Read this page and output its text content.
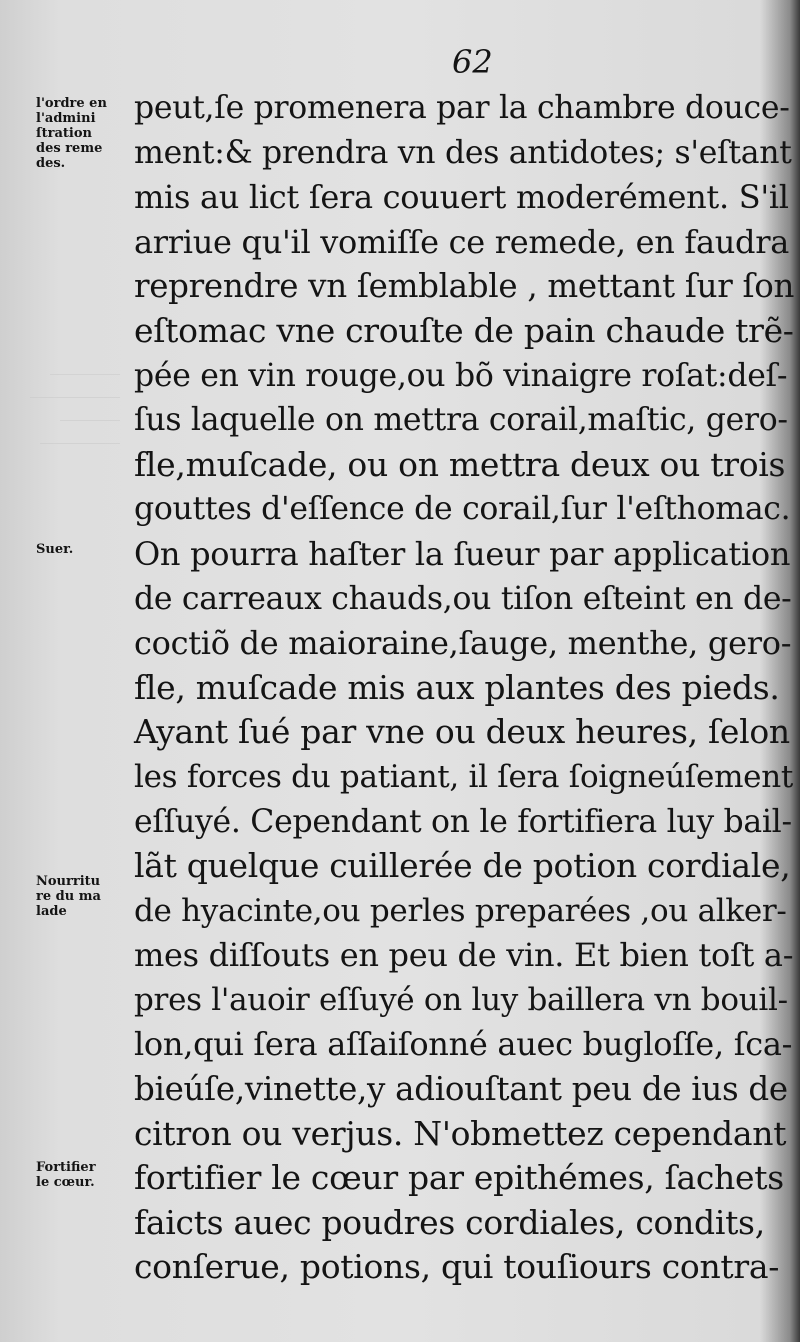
62
peut,ſe promenera par la chambre douce-
ment:& prendra vn des antidotes; s'eſtant
mis au lict ſera couuert moderément. S'il
arriue qu'il vomiſſe ce remede, en faudra
reprendre vn ſemblable , mettant ſur ſon
eſtomac vne crouſte de pain chaude trẽ-
pée en vin rouge,ou bõ vinaigre roſat:deſ-
ſus laquelle on mettra corail,maſtic, gero-
fle,muſcade, ou on mettra deux ou trois
gouttes d'eſſence de corail,ſur l'eſthomac.
On pourra haſter la ſueur par application
de carreaux chauds,ou tiſon eſteint en de-
coctiõ de maioraine,ſauge, menthe, gero-
fle, muſcade mis aux plantes des pieds.
Ayant ſué par vne ou deux heures, ſelon
les forces du patiant, il ſera ſoigneúſement
eſſuyé. Cependant on le fortifiera luy bail-
lãt quelque cuillerée de potion cordiale,
de hyacinte,ou perles preparées ,ou alker-
mes diſſouts en peu de vin. Et bien toſt a-
pres l'auoir eſſuyé on luy baillera vn bouil-
lon,qui ſera aſſaiſonné auec bugloſſe, ſca-
bieúſe,vinette,y adiouſtant peu de ius de
citron ou verjus. N'obmettez cependant
fortifier le cœur par epithémes, ſachets
faicts auec poudres cordiales, condits,
conſerue, potions, qui touſiours contra-
l'ordre en
l'admini
ſtration
des reme
des.
Suer.
Nourritu
re du ma
lade
Fortifier
le cœur.
